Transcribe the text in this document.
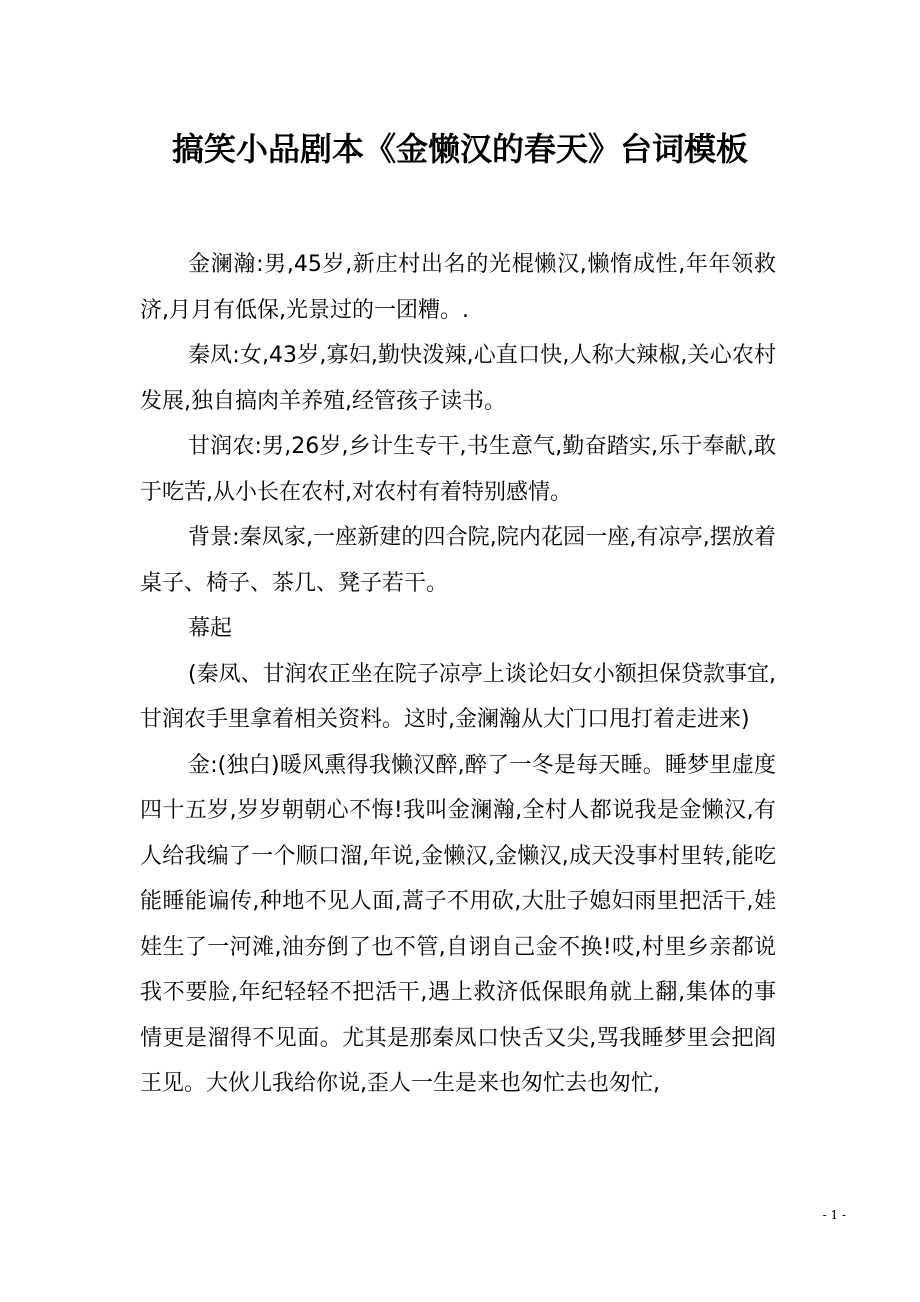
搞笑小品剧本《金懒汉的春天》台词模板

金澜瀚:男,45岁,新庄村出名的光棍懒汉,懒惰成性,年年领救济,月月有低保,光景过的一团糟。.

秦凤:女,43岁,寡妇,勤快泼辣,心直口快,人称大辣椒,关心农村发展,独自搞肉羊养殖,经管孩子读书。

甘润农:男,26岁,乡计生专干,书生意气,勤奋踏实,乐于奉献,敢于吃苦,从小长在农村,对农村有着特别感情。

背景:秦凤家,一座新建的四合院,院内花园一座,有凉亭,摆放着桌子、椅子、茶几、凳子若干。

幕起

(秦凤、甘润农正坐在院子凉亭上谈论妇女小额担保贷款事宜,甘润农手里拿着相关资料。这时,金澜瀚从大门口甩打着走进来)

金:(独白)暖风熏得我懒汉醉,醉了一冬是每天睡。睡梦里虚度四十五岁,岁岁朝朝心不悔!我叫金澜瀚,全村人都说我是金懒汉,有人给我编了一个顺口溜,年说,金懒汉,金懒汉,成天没事村里转,能吃能睡能谝传,种地不见人面,蒿子不用砍,大肚子媳妇雨里把活干,娃娃生了一河滩,油夯倒了也不管,自诩自己金不换!哎,村里乡亲都说我不要脸,年纪轻轻不把活干,遇上救济低保眼角就上翻,集体的事情更是溜得不见面。尤其是那秦凤口快舌又尖,骂我睡梦里会把阎王见。大伙儿我给你说,歪人一生是来也匆忙去也匆忙,

- 1 -
